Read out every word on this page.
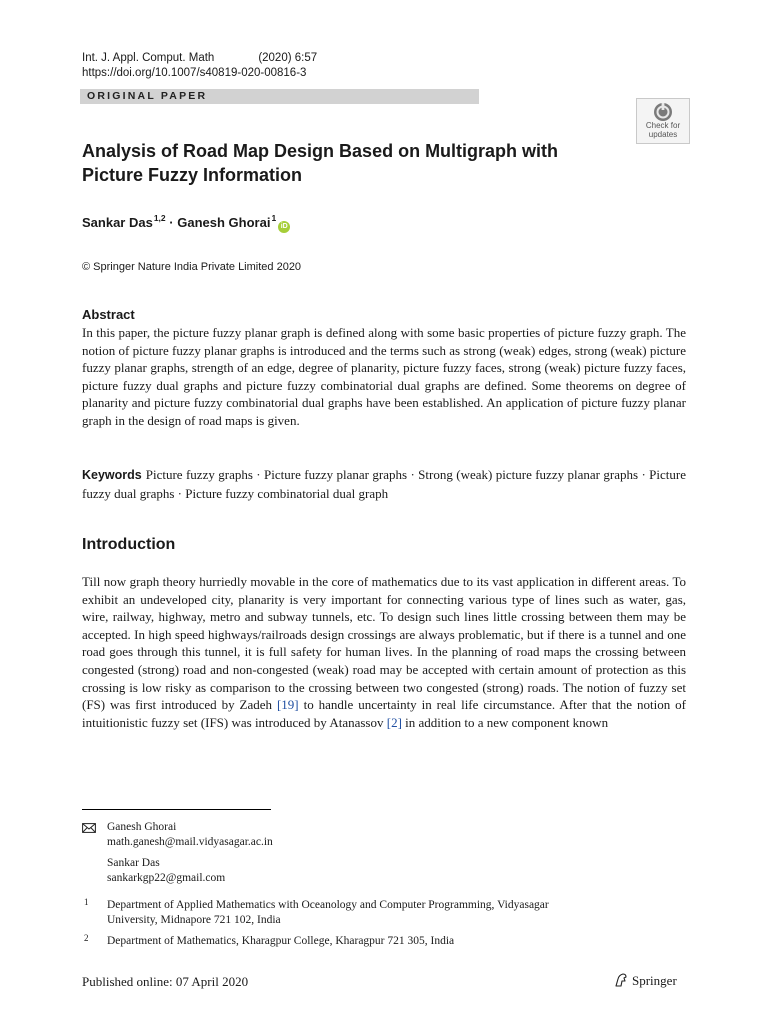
Int. J. Appl. Comput. Math	(2020) 6:57
https://doi.org/10.1007/s40819-020-00816-3
ORIGINAL PAPER
Check for
updates
Analysis of Road Map Design Based on Multigraph with Picture Fuzzy Information
Sankar Das$^{1,2}$ · Ganesh Ghorai$^1$iD
© Springer Nature India Private Limited 2020
Abstract

In this paper, the picture fuzzy planar graph is defined along with some basic properties of picture fuzzy graph. The notion of picture fuzzy planar graphs is introduced and the terms such as strong (weak) edges, strong (weak) picture fuzzy planar graphs, strength of an edge, degree of planarity, picture fuzzy faces, strong (weak) picture fuzzy faces, picture fuzzy dual graphs and picture fuzzy combinatorial dual graphs are defined. Some theorems on degree of planarity and picture fuzzy combinatorial dual graphs have been established. An application of picture fuzzy planar graph in the design of road maps is given.

Keywords Picture fuzzy graphs · Picture fuzzy planar graphs · Strong (weak) picture fuzzy planar graphs · Picture fuzzy dual graphs · Picture fuzzy combinatorial dual graph

Introduction

Till now graph theory hurriedly movable in the core of mathematics due to its vast application in different areas. To exhibit an undeveloped city, planarity is very important for connecting various type of lines such as water, gas, wire, railway, highway, metro and subway tunnels, etc. To design such lines little crossing between them may be accepted. In high speed highways/railroads design crossings are always problematic, but if there is a tunnel and one road goes through this tunnel, it is full safety for human lives. In the planning of road maps the crossing between congested (strong) road and non-congested (weak) road may be accepted with certain amount of protection as this crossing is low risky as comparison to the crossing between two congested (strong) roads. The notion of fuzzy set (FS) was first introduced by Zadeh [19] to handle uncertainty in real life circumstance. After that the notion of intuitionistic fuzzy set (IFS) was introduced by Atanassov [2] in addition to a new component known

Ganesh Ghorai
math.ganesh@mail.vidyasagar.ac.in
Sankar Das
sankarkgp22@gmail.com
1 Department of Applied Mathematics with Oceanology and Computer Programming, Vidyasagar
University, Midnapore 721 102, India
2 Department of Mathematics, Kharagpur College, Kharagpur 721 305, India
Published online: 07 April 2020	Springer
